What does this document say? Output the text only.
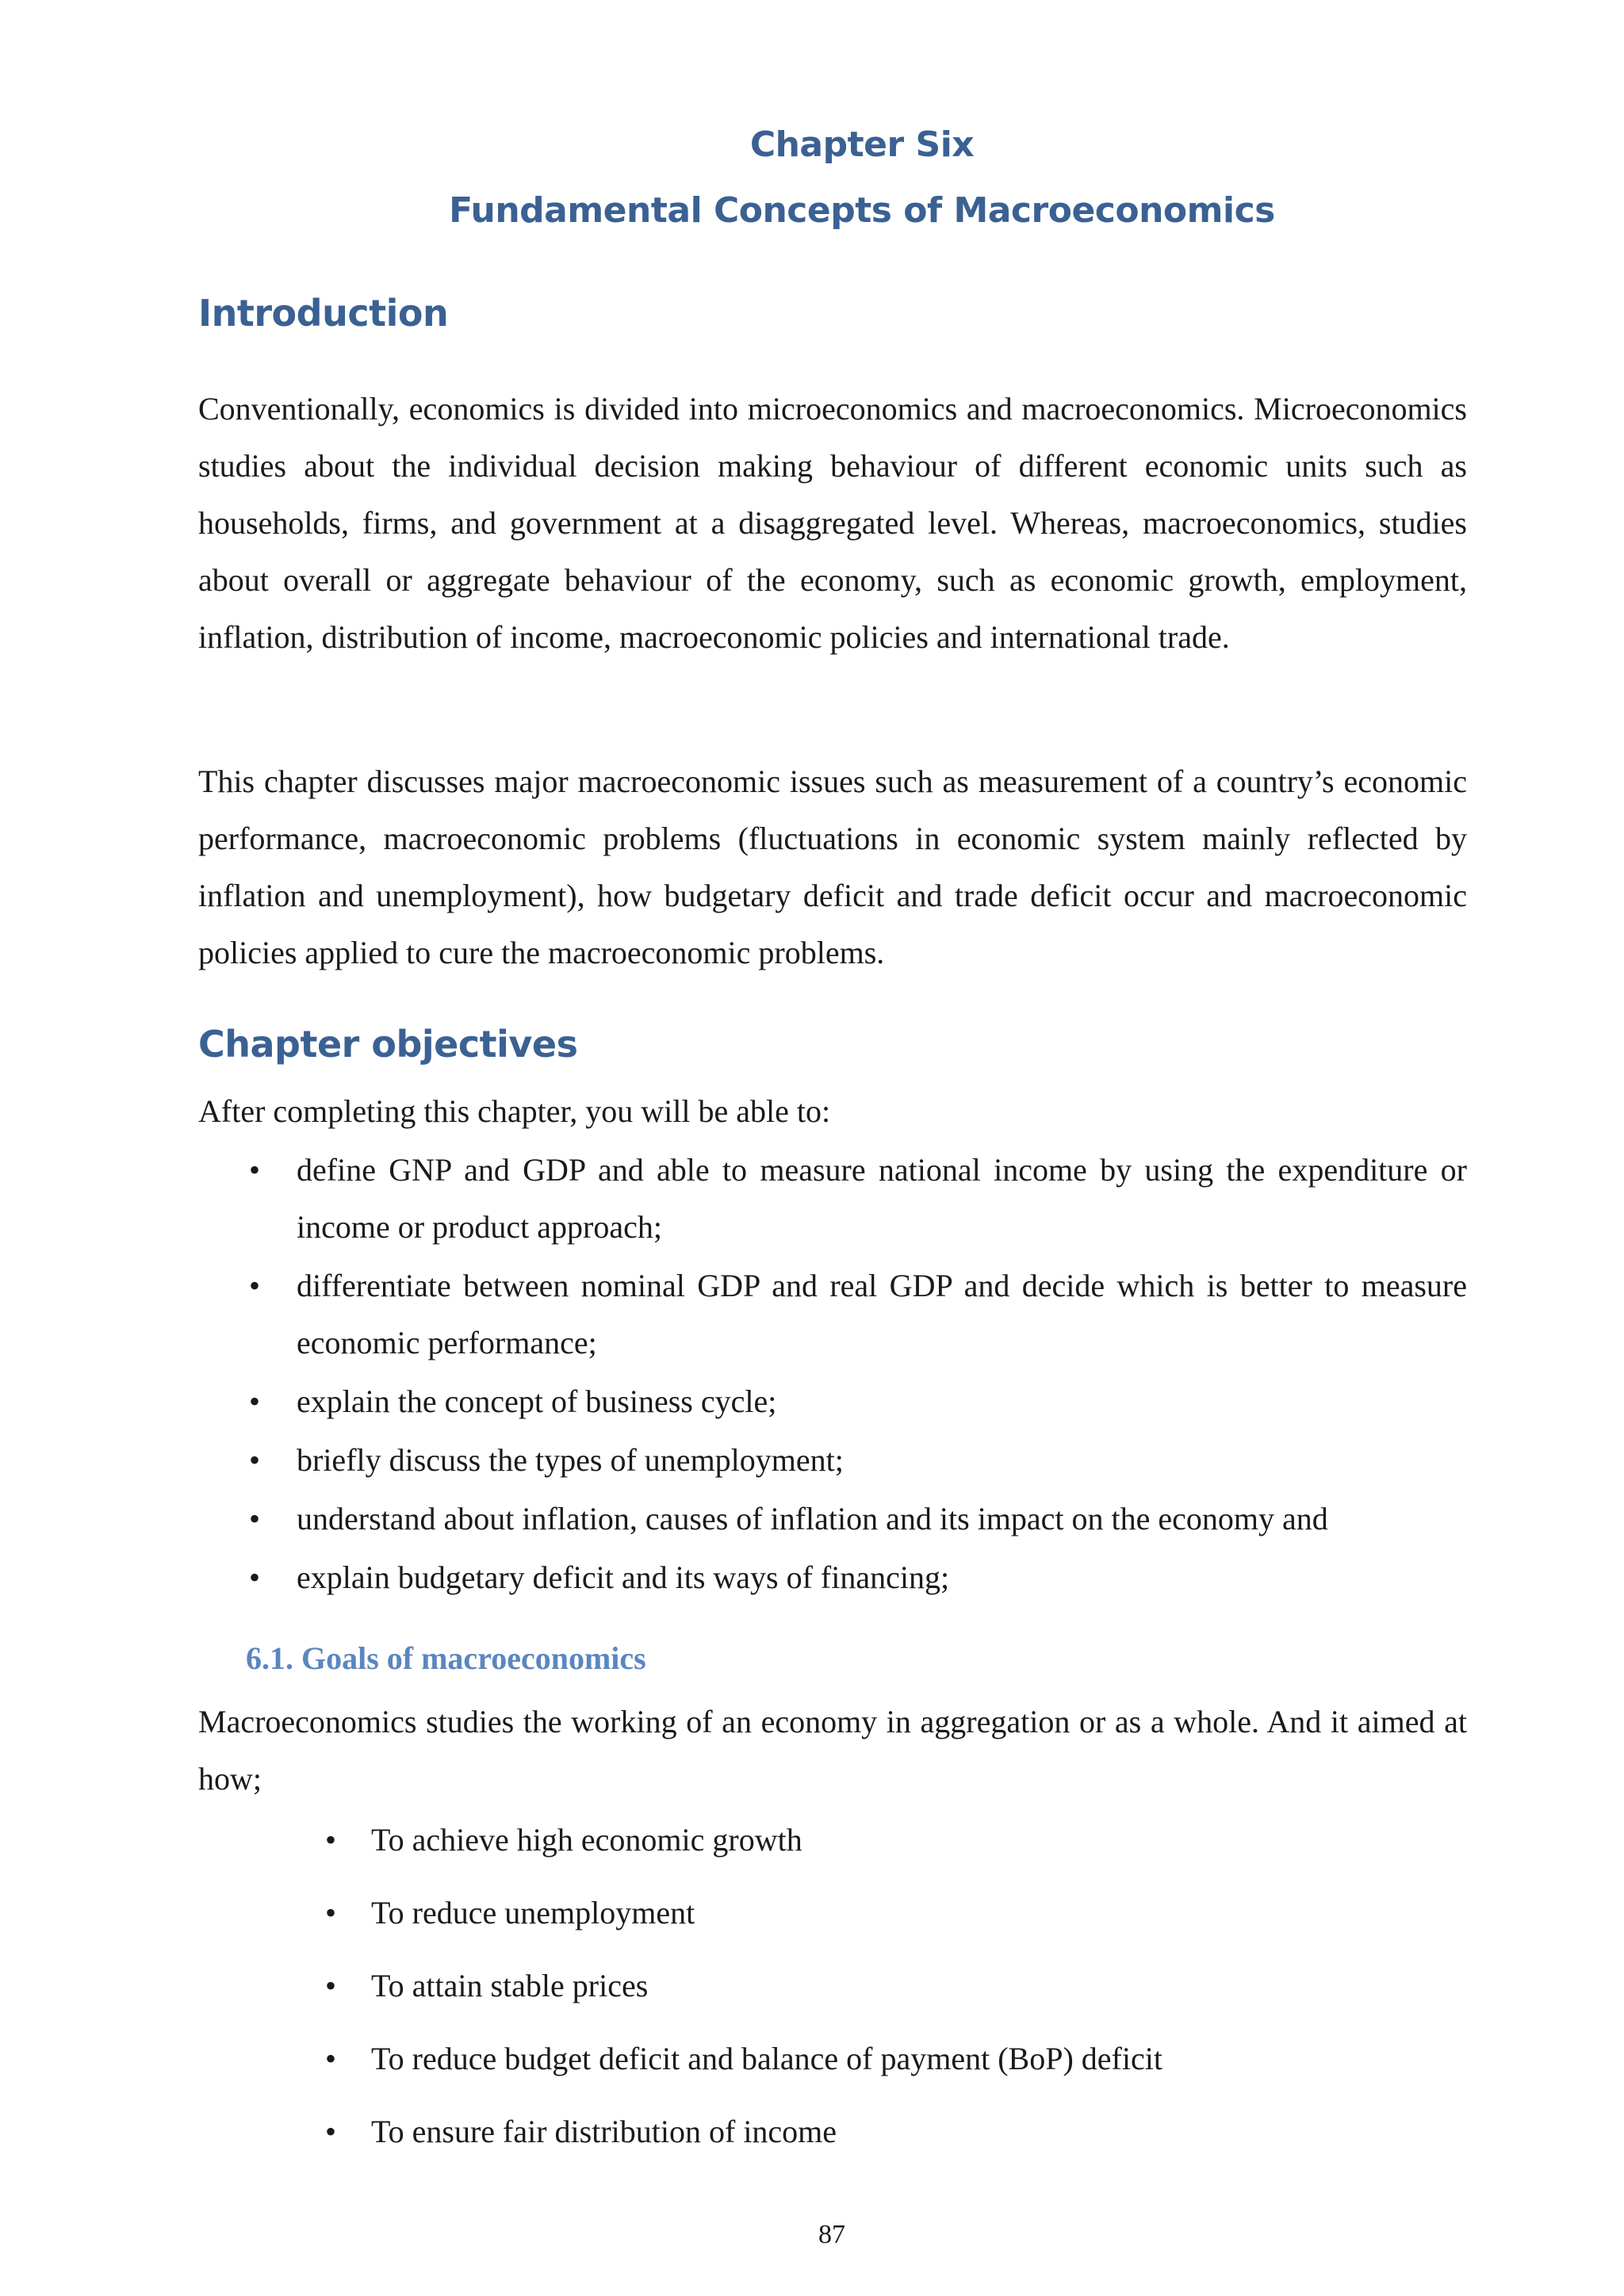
Chapter Six
Fundamental Concepts of Macroeconomics
Introduction

Conventionally, economics is divided into microeconomics and macroeconomics. Microeconomics studies about the individual decision making behaviour of different economic units such as households, firms, and government at a disaggregated level. Whereas, macroeconomics, studies about overall or aggregate behaviour of the economy, such as economic growth, employment, inflation, distribution of income, macroeconomic policies and international trade.

This chapter discusses major macroeconomic issues such as measurement of a country’s economic performance, macroeconomic problems (fluctuations in economic system mainly reflected by inflation and unemployment), how budgetary deficit and trade deficit occur and macroeconomic policies applied to cure the macroeconomic problems.

Chapter objectives

After completing this chapter, you will be able to:

• define GNP and GDP and able to measure national income by using the expenditure or income or product approach;
• differentiate between nominal GDP and real GDP and decide which is better to measure economic performance;
• explain the concept of business cycle;
• briefly discuss the types of unemployment;
• understand about inflation, causes of inflation and its impact on the economy and
• explain budgetary deficit and its ways of financing;
6.1. Goals of macroeconomics

Macroeconomics studies the working of an economy in aggregation or as a whole. And it aimed at how;

• To achieve high economic growth
• To reduce unemployment
• To attain stable prices
• To reduce budget deficit and balance of payment (BoP) deficit
• To ensure fair distribution of income

87
